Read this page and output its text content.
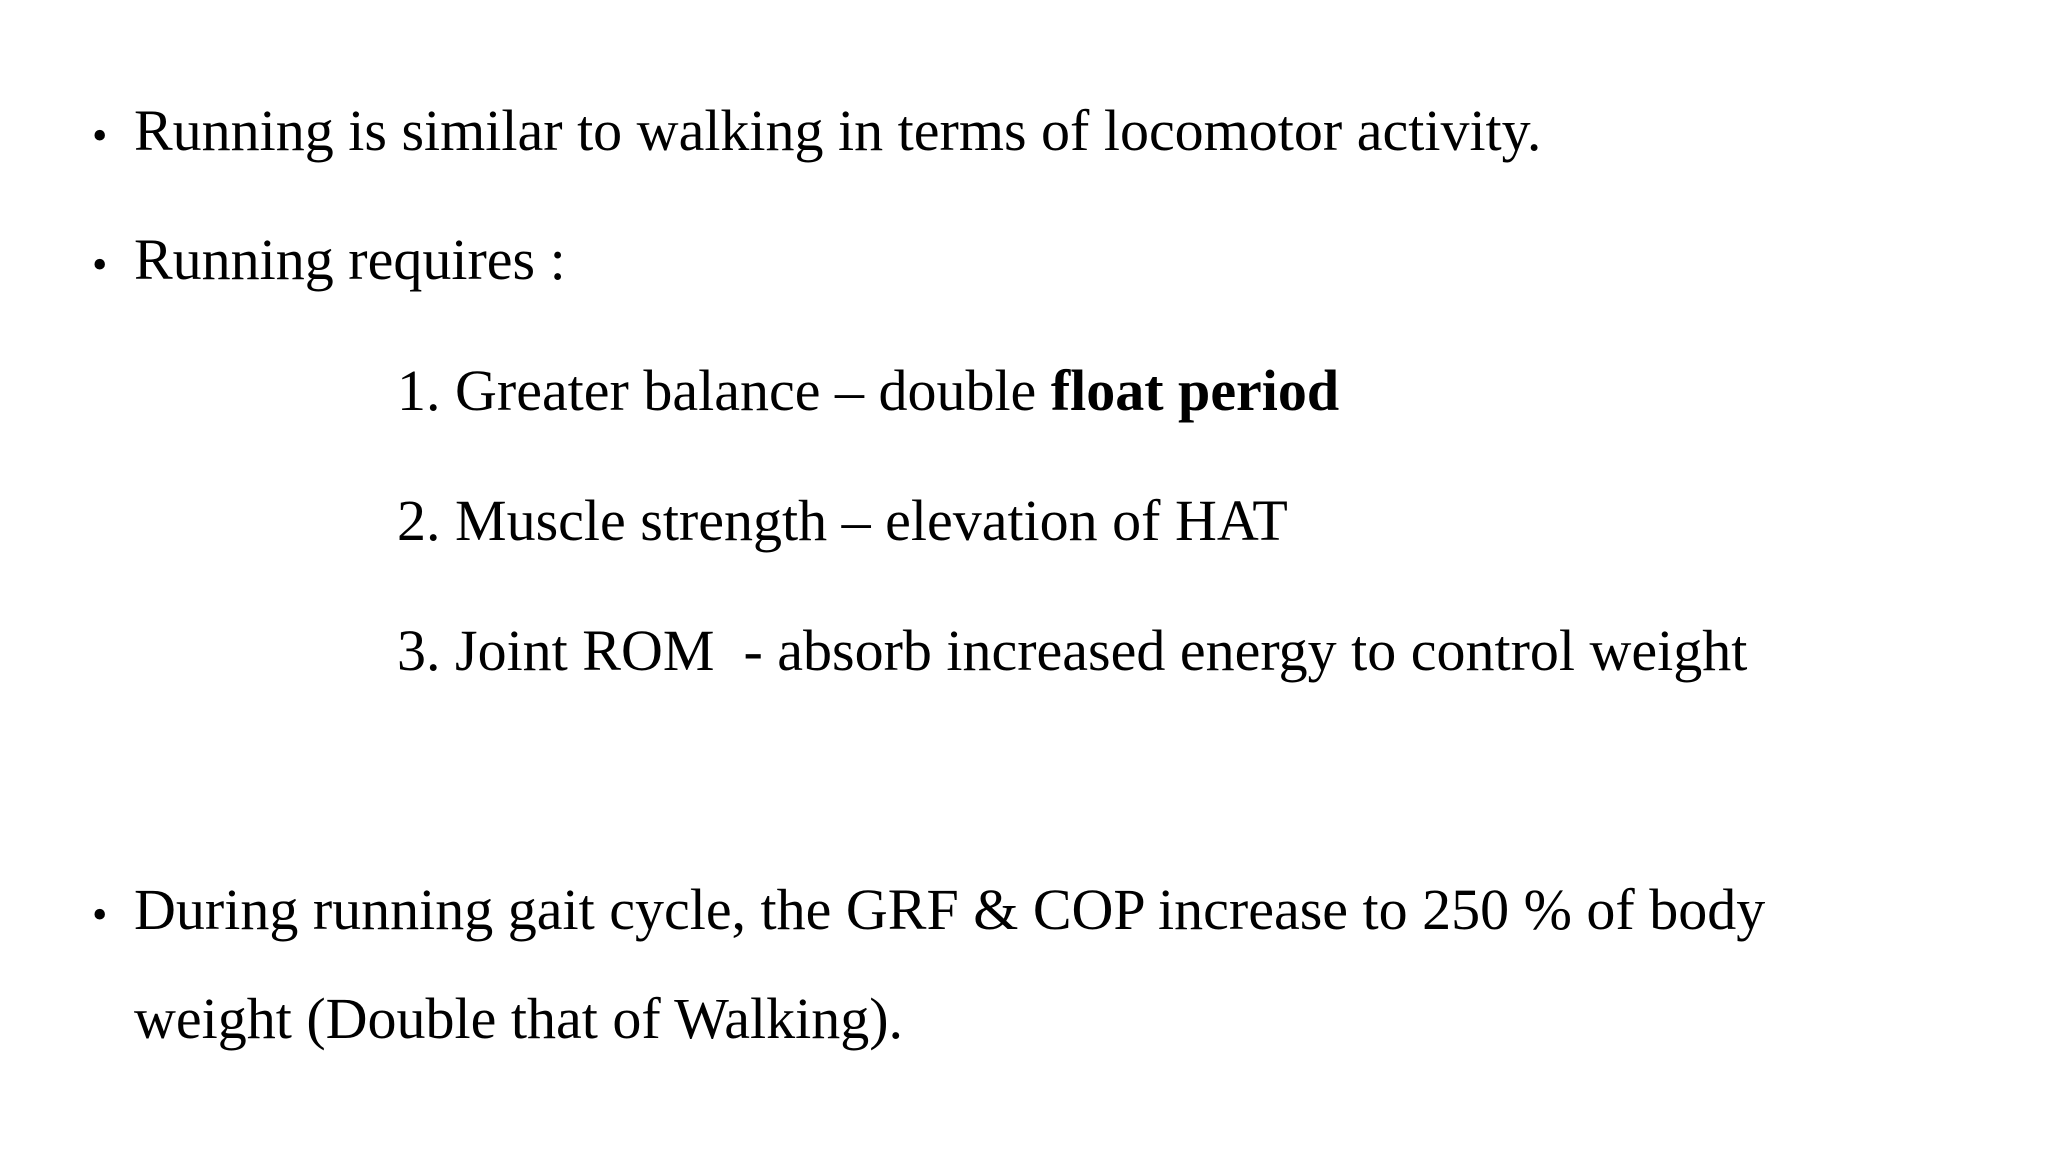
• Running is similar to walking in terms of locomotor activity.
• Running requires :
1. Greater balance – double float period
2. Muscle strength – elevation of HAT
3. Joint ROM  - absorb increased energy to control weight
• During running gait cycle, the GRF & COP increase to 250 % of body
weight (Double that of Walking).
